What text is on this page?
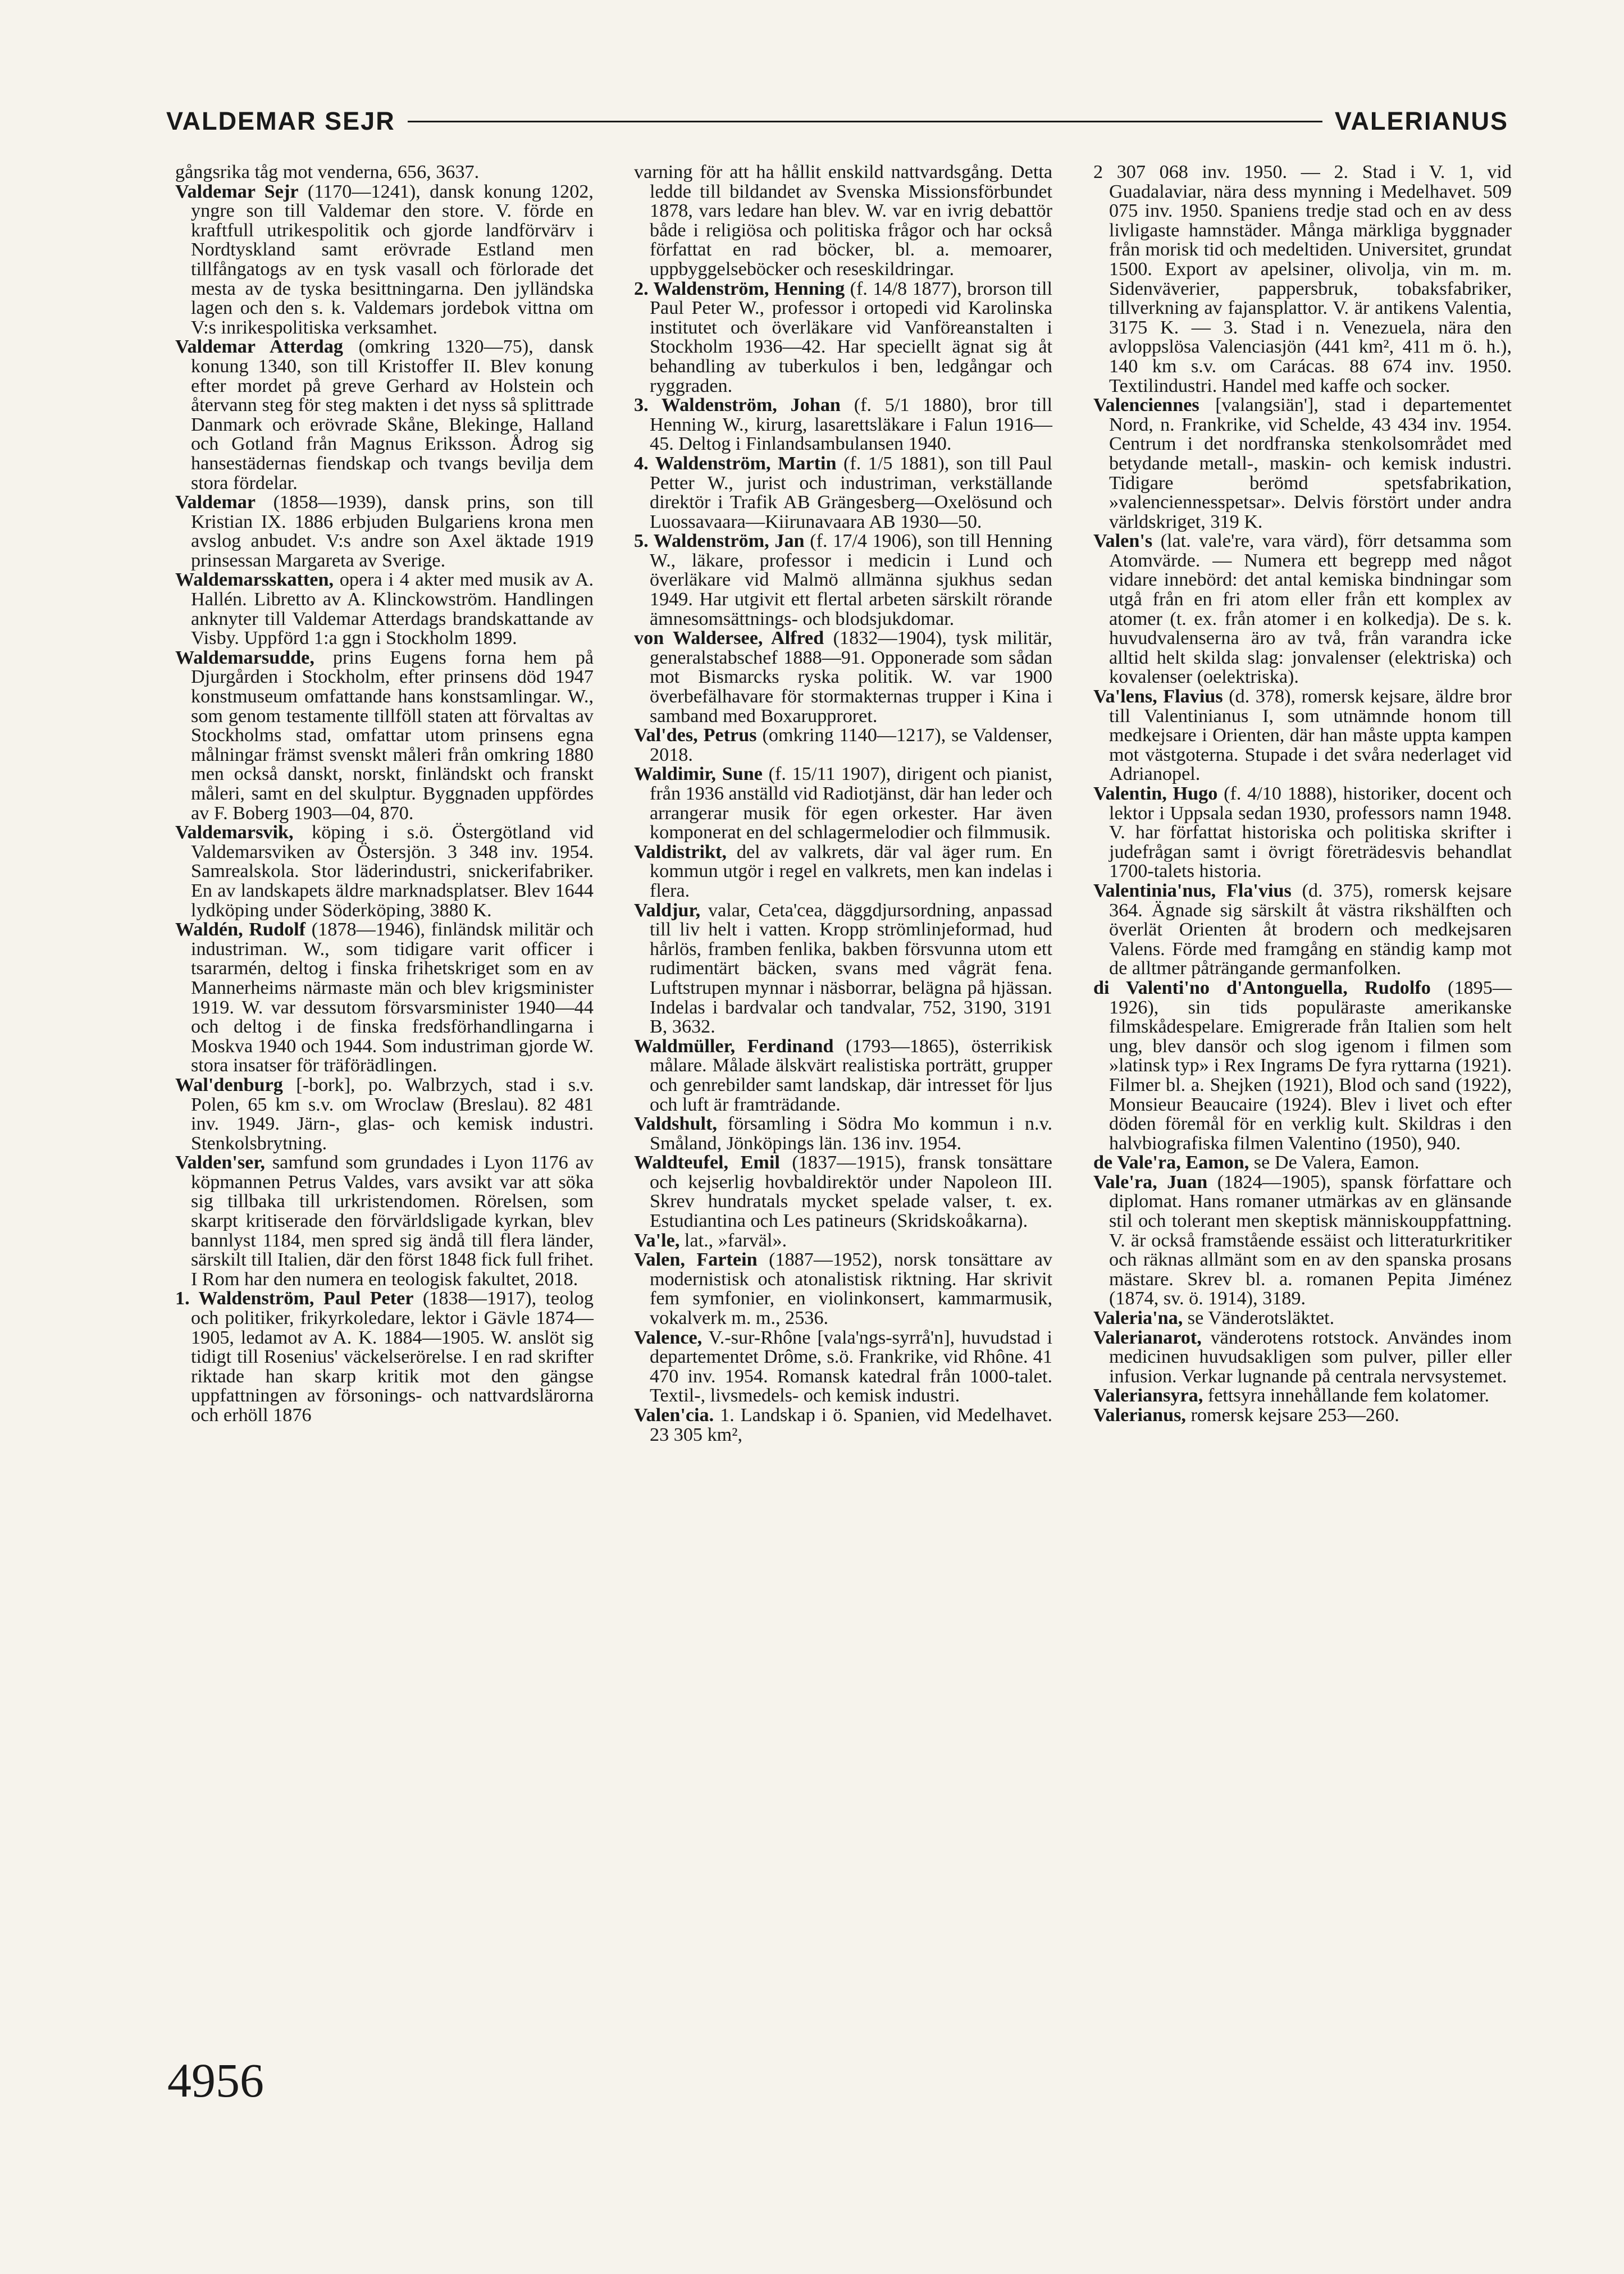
VALDEMAR SEJR	VALERIANUS

gångsrika tåg mot venderna, 656, 3637.

Valdemar Sejr (1170—1241), dansk konung 1202, yngre son till Valdemar den store. V. förde en kraftfull utrikespolitik och gjorde landförvärv i Nordtyskland samt erövrade Estland men tillfångatogs av en tysk vasall och förlorade det mesta av de tyska besittningarna. Den jylländska lagen och den s. k. Valdemars jordebok vittna om V:s inrikespolitiska verksamhet.

Valdemar Atterdag (omkring 1320—75), dansk konung 1340, son till Kristoffer II. Blev konung efter mordet på greve Gerhard av Holstein och återvann steg för steg makten i det nyss så splittrade Danmark och erövrade Skåne, Blekinge, Halland och Gotland från Magnus Eriksson. Ådrog sig hansestädernas fiendskap och tvangs bevilja dem stora fördelar.

Valdemar (1858—1939), dansk prins, son till Kristian IX. 1886 erbjuden Bulgariens krona men avslog anbudet. V:s andre son Axel äktade 1919 prinsessan Margareta av Sverige.

Waldemarsskatten, opera i 4 akter med musik av A. Hallén. Libretto av A. Klinckowström. Handlingen anknyter till Valdemar Atterdags brandskattande av Visby. Uppförd 1:a ggn i Stockholm 1899.

Waldemarsudde, prins Eugens forna hem på Djurgården i Stockholm, efter prinsens död 1947 konstmuseum omfattande hans konstsamlingar. W., som genom testamente tillföll staten att förvaltas av Stockholms stad, omfattar utom prinsens egna målningar främst svenskt måleri från omkring 1880 men också danskt, norskt, finländskt och franskt måleri, samt en del skulptur. Byggnaden uppfördes av F. Boberg 1903—04, 870.

Valdemarsvik, köping i s.ö. Östergötland vid Valdemarsviken av Östersjön. 3 348 inv. 1954. Samrealskola. Stor läderindustri, snickerifabriker. En av landskapets äldre marknadsplatser. Blev 1644 lydköping under Söderköping, 3880 K.

Waldén, Rudolf (1878—1946), finländsk militär och industriman. W., som tidigare varit officer i tsararmén, deltog i finska frihetskriget som en av Mannerheims närmaste män och blev krigsminister 1919. W. var dessutom försvarsminister 1940—44 och deltog i de finska fredsförhandlingarna i Moskva 1940 och 1944. Som industriman gjorde W. stora insatser för träförädlingen.

Wal'denburg [-bork], po. Walbrzych, stad i s.v. Polen, 65 km s.v. om Wroclaw (Breslau). 82 481 inv. 1949. Järn-, glas- och kemisk industri. Stenkolsbrytning.

Valden'ser, samfund som grundades i Lyon 1176 av köpmannen Petrus Valdes, vars avsikt var att söka sig tillbaka till urkristendomen. Rörelsen, som skarpt kritiserade den förvärldsligade kyrkan, blev bannlyst 1184, men spred sig ändå till flera länder, särskilt till Italien, där den först 1848 fick full frihet. I Rom har den numera en teologisk fakultet, 2018.

1. Waldenström, Paul Peter (1838—1917), teolog och politiker, frikyrkoledare, lektor i Gävle 1874—1905, ledamot av A. K. 1884—1905. W. anslöt sig tidigt till Rosenius' väckelserörelse. I en rad skrifter riktade han skarp kritik mot den gängse uppfattningen av försonings- och nattvardslärorna och erhöll 1876

varning för att ha hållit enskild nattvardsgång. Detta ledde till bildandet av Svenska Missionsförbundet 1878, vars ledare han blev. W. var en ivrig debattör både i religiösa och politiska frågor och har också författat en rad böcker, bl. a. memoarer, uppbyggelseböcker och reseskildringar.

2. Waldenström, Henning (f. 14/8 1877), brorson till Paul Peter W., professor i ortopedi vid Karolinska institutet och överläkare vid Vanföreanstalten i Stockholm 1936—42. Har speciellt ägnat sig åt behandling av tuberkulos i ben, ledgångar och ryggraden.

3. Waldenström, Johan (f. 5/1 1880), bror till Henning W., kirurg, lasarettsläkare i Falun 1916—45. Deltog i Finlandsambulansen 1940.

4. Waldenström, Martin (f. 1/5 1881), son till Paul Petter W., jurist och industriman, verkställande direktör i Trafik AB Grängesberg—Oxelösund och Luossavaara—Kiirunavaara AB 1930—50.

5. Waldenström, Jan (f. 17/4 1906), son till Henning W., läkare, professor i medicin i Lund och överläkare vid Malmö allmänna sjukhus sedan 1949. Har utgivit ett flertal arbeten särskilt rörande ämnesomsättnings- och blodsjukdomar.

von Waldersee, Alfred (1832—1904), tysk militär, generalstabschef 1888—91. Opponerade som sådan mot Bismarcks ryska politik. W. var 1900 överbefälhavare för stormakternas trupper i Kina i samband med Boxarupproret.

Val'des, Petrus (omkring 1140—1217), se Valdenser, 2018.

Waldimir, Sune (f. 15/11 1907), dirigent och pianist, från 1936 anställd vid Radiotjänst, där han leder och arrangerar musik för egen orkester. Har även komponerat en del schlagermelodier och filmmusik.

Valdistrikt, del av valkrets, där val äger rum. En kommun utgör i regel en valkrets, men kan indelas i flera.

Valdjur, valar, Ceta'cea, däggdjursordning, anpassad till liv helt i vatten. Kropp strömlinjeformad, hud hårlös, framben fenlika, bakben försvunna utom ett rudimentärt bäcken, svans med vågrät fena. Luftstrupen mynnar i näsborrar, belägna på hjässan. Indelas i bardvalar och tandvalar, 752, 3190, 3191 B, 3632.

Waldmüller, Ferdinand (1793—1865), österrikisk målare. Målade älskvärt realistiska porträtt, grupper och genrebilder samt landskap, där intresset för ljus och luft är framträdande.

Valdshult, församling i Södra Mo kommun i n.v. Småland, Jönköpings län. 136 inv. 1954.

Waldteufel, Emil (1837—1915), fransk tonsättare och kejserlig hovbaldirektör under Napoleon III. Skrev hundratals mycket spelade valser, t. ex. Estudiantina och Les patineurs (Skridskoåkarna).

Va'le, lat., »farväl».

Valen, Fartein (1887—1952), norsk tonsättare av modernistisk och atonalistisk riktning. Har skrivit fem symfonier, en violinkonsert, kammarmusik, vokalverk m. m., 2536.

Valence, V.-sur-Rhône [vala'ngs-syrrå'n], huvudstad i departementet Drôme, s.ö. Frankrike, vid Rhône. 41 470 inv. 1954. Romansk katedral från 1000-talet. Textil-, livsmedels- och kemisk industri.

Valen'cia. 1. Landskap i ö. Spanien, vid Medelhavet. 23 305 km²,

2 307 068 inv. 1950. — 2. Stad i V. 1, vid Guadalaviar, nära dess mynning i Medelhavet. 509 075 inv. 1950. Spaniens tredje stad och en av dess livligaste hamnstäder. Många märkliga byggnader från morisk tid och medeltiden. Universitet, grundat 1500. Export av apelsiner, olivolja, vin m. m. Sidenväverier, pappersbruk, tobaksfabriker, tillverkning av fajansplattor. V. är antikens Valentia, 3175 K. — 3. Stad i n. Venezuela, nära den avloppslösa Valenciasjön (441 km², 411 m ö. h.), 140 km s.v. om Carácas. 88 674 inv. 1950. Textilindustri. Handel med kaffe och socker.

Valenciennes [valangsiän'], stad i departementet Nord, n. Frankrike, vid Schelde, 43 434 inv. 1954. Centrum i det nordfranska stenkolsområdet med betydande metall-, maskin- och kemisk industri. Tidigare berömd spetsfabrikation, »valenciennesspetsar». Delvis förstört under andra världskriget, 319 K.

Valen's (lat. vale're, vara värd), förr detsamma som Atomvärde. — Numera ett begrepp med något vidare innebörd: det antal kemiska bindningar som utgå från en fri atom eller från ett komplex av atomer (t. ex. från atomer i en kolkedja). De s. k. huvudvalenserna äro av två, från varandra icke alltid helt skilda slag: jonvalenser (elektriska) och kovalenser (oelektriska).

Va'lens, Flavius (d. 378), romersk kejsare, äldre bror till Valentinianus I, som utnämnde honom till medkejsare i Orienten, där han måste uppta kampen mot västgoterna. Stupade i det svåra nederlaget vid Adrianopel.

Valentin, Hugo (f. 4/10 1888), historiker, docent och lektor i Uppsala sedan 1930, professors namn 1948. V. har författat historiska och politiska skrifter i judefrågan samt i övrigt företrädesvis behandlat 1700-talets historia.

Valentinia'nus, Fla'vius (d. 375), romersk kejsare 364. Ägnade sig särskilt åt västra rikshälften och överlät Orienten åt brodern och medkejsaren Valens. Förde med framgång en ständig kamp mot de alltmer påträngande germanfolken.

di Valenti'no d'Antonguella, Rudolfo (1895—1926), sin tids populäraste amerikanske filmskådespelare. Emigrerade från Italien som helt ung, blev dansör och slog igenom i filmen som »latinsk typ» i Rex Ingrams De fyra ryttarna (1921). Filmer bl. a. Shejken (1921), Blod och sand (1922), Monsieur Beaucaire (1924). Blev i livet och efter döden föremål för en verklig kult. Skildras i den halvbiografiska filmen Valentino (1950), 940.

de Vale'ra, Eamon, se De Valera, Eamon.

Vale'ra, Juan (1824—1905), spansk författare och diplomat. Hans romaner utmärkas av en glänsande stil och tolerant men skeptisk människouppfattning. V. är också framstående essäist och litteraturkritiker och räknas allmänt som en av den spanska prosans mästare. Skrev bl. a. romanen Pepita Jiménez (1874, sv. ö. 1914), 3189.

Valeria'na, se Vänderotsläktet.

Valerianarot, vänderotens rotstock. Användes inom medicinen huvudsakligen som pulver, piller eller infusion. Verkar lugnande på centrala nervsystemet.

Valeriansyra, fettsyra innehållande fem kolatomer.

Valerianus, romersk kejsare 253—260.

4956
